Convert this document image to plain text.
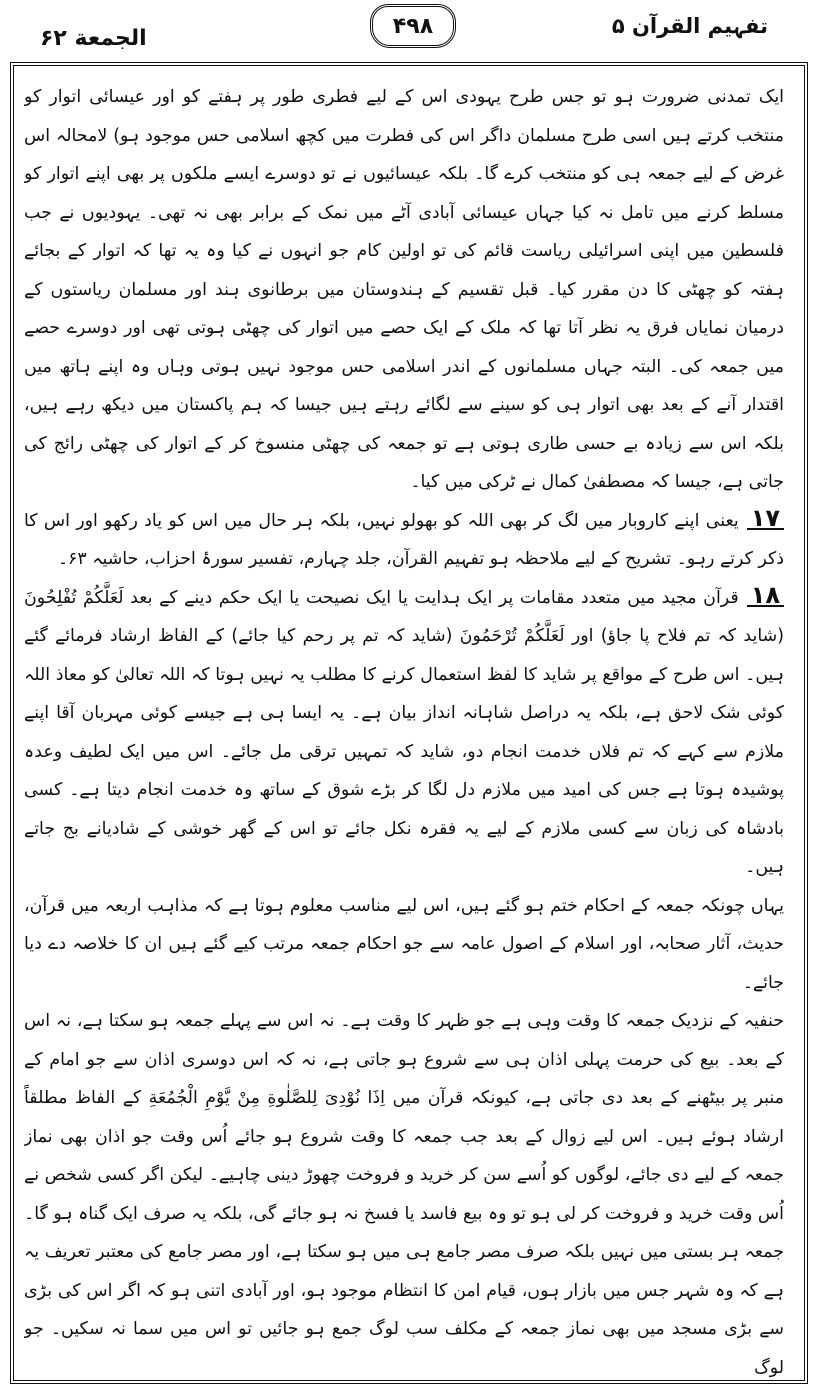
الجمعة ۶۲	۴۹۸	تفہیم القرآن ۵

ایک تمدنی ضرورت ہو تو جس طرح یہودی اس کے لیے فطری طور پر ہفتے کو اور عیسائی اتوار کو منتخب کرتے ہیں اسی طرح مسلمان داگر اس کی فطرت میں کچھ اسلامی حس موجود ہو) لامحالہ اس غرض کے لیے جمعہ ہی کو منتخب کرے گا۔ بلکہ عیسائیوں نے تو دوسرے ایسے ملکوں پر بھی اپنے اتوار کو مسلط کرنے میں تامل نہ کیا جہاں عیسائی آبادی آٹے میں نمک کے برابر بھی نہ تھی۔ یہودیوں نے جب فلسطین میں اپنی اسرائیلی ریاست قائم کی تو اولین کام جو انہوں نے کیا وہ یہ تھا کہ اتوار کے بجائے ہفتہ کو چھٹی کا دن مقرر کیا۔ قبل تقسیم کے ہندوستان میں برطانوی ہند اور مسلمان ریاستوں کے درمیان نمایاں فرق یہ نظر آتا تھا کہ ملک کے ایک حصے میں اتوار کی چھٹی ہوتی تھی اور دوسرے حصے میں جمعہ کی۔ البتہ جہاں مسلمانوں کے اندر اسلامی حس موجود نہیں ہوتی وہاں وہ اپنے ہاتھ میں اقتدار آنے کے بعد بھی اتوار ہی کو سینے سے لگائے رہتے ہیں جیسا کہ ہم پاکستان میں دیکھ رہے ہیں، بلکہ اس سے زیادہ بے حسی طاری ہوتی ہے تو جمعہ کی چھٹی منسوخ کر کے اتوار کی چھٹی رائج کی جاتی ہے، جیسا کہ مصطفیٰ کمال نے ٹرکی میں کیا۔

۱۷یعنی اپنے کاروبار میں لگ کر بھی اللہ کو بھولو نہیں، بلکہ ہر حال میں اس کو یاد رکھو اور اس کا ذکر کرتے رہو۔ تشریح کے لیے ملاحظہ ہو تفہیم القرآن، جلد چہارم، تفسیر سورۂ احزاب، حاشیہ ۶۳۔

۱۸قرآن مجید میں متعدد مقامات پر ایک ہدایت یا ایک نصیحت یا ایک حکم دینے کے بعد لَعَلَّكُمْ تُفْلِحُونَ (شاید کہ تم فلاح پا جاؤ) اور لَعَلَّكُمْ تُرْحَمُونَ (شاید کہ تم پر رحم کیا جائے) کے الفاظ ارشاد فرمائے گئے ہیں۔ اس طرح کے مواقع پر شاید کا لفظ استعمال کرنے کا مطلب یہ نہیں ہوتا کہ اللہ تعالیٰ کو معاذ اللہ کوئی شک لاحق ہے، بلکہ یہ دراصل شاہانہ انداز بیان ہے۔ یہ ایسا ہی ہے جیسے کوئی مہربان آقا اپنے ملازم سے کہے کہ تم فلاں خدمت انجام دو، شاید کہ تمہیں ترقی مل جائے۔ اس میں ایک لطیف وعدہ پوشیدہ ہوتا ہے جس کی امید میں ملازم دل لگا کر بڑے شوق کے ساتھ وہ خدمت انجام دیتا ہے۔ کسی بادشاہ کی زبان سے کسی ملازم کے لیے یہ فقرہ نکل جائے تو اس کے گھر خوشی کے شادیانے بج جاتے ہیں۔

یہاں چونکہ جمعہ کے احکام ختم ہو گئے ہیں، اس لیے مناسب معلوم ہوتا ہے کہ مذاہب اربعہ میں قرآن، حدیث، آثار صحابہ، اور اسلام کے اصول عامہ سے جو احکام جمعہ مرتب کیے گئے ہیں ان کا خلاصہ دے دیا جائے۔

حنفیہ کے نزدیک جمعہ کا وقت وہی ہے جو ظہر کا وقت ہے۔ نہ اس سے پہلے جمعہ ہو سکتا ہے، نہ اس کے بعد۔ بیع کی حرمت پہلی اذان ہی سے شروع ہو جاتی ہے، نہ کہ اس دوسری اذان سے جو امام کے منبر پر بیٹھنے کے بعد دی جاتی ہے، کیونکہ قرآن میں اِذَا نُوْدِیَ لِلصَّلٰوةِ مِنْ يَّوْمِ الْجُمُعَةِ کے الفاظ مطلقاً ارشاد ہوئے ہیں۔ اس لیے زوال کے بعد جب جمعہ کا وقت شروع ہو جائے اُس وقت جو اذان بھی نماز جمعہ کے لیے دی جائے، لوگوں کو اُسے سن کر خرید و فروخت چھوڑ دینی چاہیے۔ لیکن اگر کسی شخص نے اُس وقت خرید و فروخت کر لی ہو تو وہ بیع فاسد یا فسخ نہ ہو جائے گی، بلکہ یہ صرف ایک گناہ ہو گا۔ جمعہ ہر بستی میں نہیں بلکہ صرف مصر جامع ہی میں ہو سکتا ہے، اور مصر جامع کی معتبر تعریف یہ ہے کہ وہ شہر جس میں بازار ہوں، قیام امن کا انتظام موجود ہو، اور آبادی اتنی ہو کہ اگر اس کی بڑی سے بڑی مسجد میں بھی نماز جمعہ کے مکلف سب لوگ جمع ہو جائیں تو اس میں سما نہ سکیں۔ جو لوگ
